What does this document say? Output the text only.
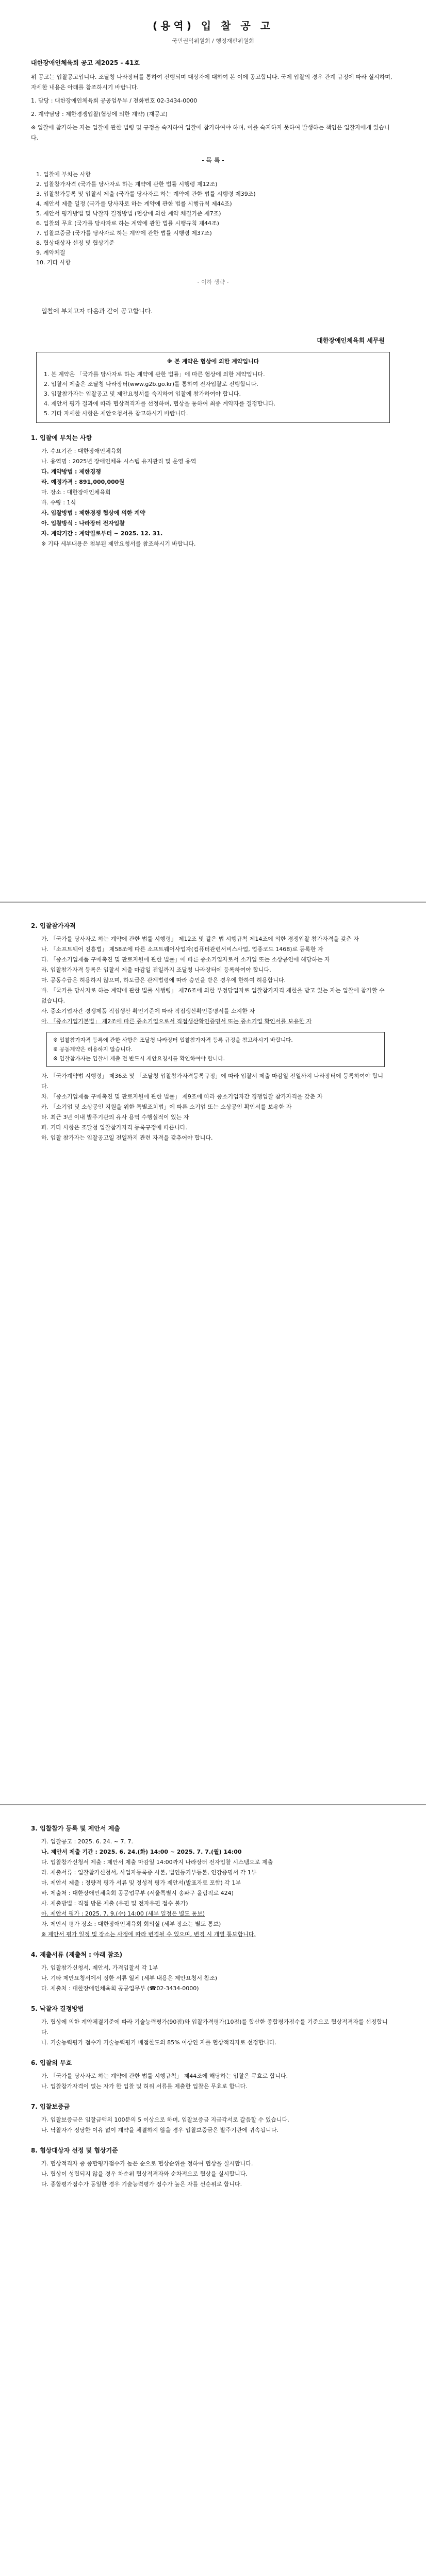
(용역) 입 찰 공 고
국민권익위원회 / 행정재판위원회
대한장애인체육회 공고 제2025 - 41호

위 공고는 입찰공고입니다. 조달청 나라장터를 통하여 진행되며 대상자에 대하여 본 이에 공고합니다. 국제 입찰의 경우 관계 규정에 따라 실시하며, 자세한 내용은 아래를 참조하시기 바랍니다.

1. 담당 : 대한장애인체육회 공공업무부 / 전화번호 02-3434-0000

2. 계약담당 : 제한경쟁입찰(협상에 의한 계약) (재공고)

※ 입찰에 참가하는 자는 입찰에 관한 법령 및 규정을 숙지하여 입찰에 참가하여야 하며, 이를 숙지하지 못하여 발생하는 책임은 입찰자에게 있습니다.

- 목 록 -
1. 입찰에 부치는 사항
2. 입찰참가자격 (국가를 당사자로 하는 계약에 관한 법률 시행령 제12조)
3. 입찰참가등록 및 입찰서 제출 (국가를 당사자로 하는 계약에 관한 법률 시행령 제39조)
4. 제안서 제출 일정 (국가를 당사자로 하는 계약에 관한 법률 시행규칙 제44조)
5. 제안서 평가방법 및 낙찰자 결정방법 (협상에 의한 계약 체결기준 제7조)
6. 입찰의 무효 (국가를 당사자로 하는 계약에 관한 법률 시행규칙 제44조)
7. 입찰보증금 (국가를 당사자로 하는 계약에 관한 법률 시행령 제37조)
8. 협상대상자 선정 및 협상기준
9. 계약체결
10. 기타 사항
- 이하 생략 -
입찰에 부치고자 다음과 같이 공고합니다.
대한장애인체육회 세무원
※ 본 계약은 협상에 의한 계약입니다
1. 본 계약은 「국가를 당사자로 하는 계약에 관한 법률」에 따른 협상에 의한 계약입니다.
2. 입찰서 제출은 조달청 나라장터(www.g2b.go.kr)를 통하여 전자입찰로 진행합니다.
3. 입찰참가자는 입찰공고 및 제안요청서를 숙지하여 입찰에 참가하여야 합니다.
4. 제안서 평가 결과에 따라 협상적격자를 선정하며, 협상을 통하여 최종 계약자를 결정합니다.
5. 기타 자세한 사항은 제안요청서를 참고하시기 바랍니다.
1. 입찰에 부치는 사항
가. 수요기관 : 대한장애인체육회
나. 용역명 : 2025년 장애인체육 시스템 유지관리 및 운영 용역
다. 계약방법 : 제한경쟁
라. 예정가격 : 891,000,000원
마. 장소 : 대한장애인체육회
바. 수량 : 1식
사. 입찰방법 : 제한경쟁 협상에 의한 계약
아. 입찰방식 : 나라장터 전자입찰
자. 계약기간 : 계약일로부터 ~ 2025. 12. 31.
※ 기타 세부내용은 첨부된 제안요청서를 참조하시기 바랍니다.
2. 입찰참가자격
가. 「국가를 당사자로 하는 계약에 관한 법률 시행령」 제12조 및 같은 법 시행규칙 제14조에 의한 경쟁입찰 참가자격을 갖춘 자
나. 「소프트웨어 진흥법」 제58조에 따른 소프트웨어사업자(컴퓨터관련서비스사업, 업종코드 1468)로 등록한 자
다. 「중소기업제품 구매촉진 및 판로지원에 관한 법률」에 따른 중소기업자로서 소기업 또는 소상공인에 해당하는 자
라. 입찰참가자격 등록은 입찰서 제출 마감일 전일까지 조달청 나라장터에 등록하여야 합니다.
마. 공동수급은 허용하지 않으며, 하도급은 관계법령에 따라 승인을 받은 경우에 한하여 허용합니다.
바. 「국가를 당사자로 하는 계약에 관한 법률 시행령」 제76조에 의한 부정당업자로 입찰참가자격 제한을 받고 있는 자는 입찰에 참가할 수 없습니다.
사. 중소기업자간 경쟁제품 직접생산 확인기준에 따라 직접생산확인증명서를 소지한 자
아. 「중소기업기본법」 제2조에 따른 중소기업으로서 직접생산확인증명서 또는 중소기업 확인서를 보유한 자
※ 입찰참가자격 등록에 관한 사항은 조달청 나라장터 입찰참가자격 등록 규정을 참고하시기 바랍니다.
※ 공동계약은 허용하지 않습니다.
※ 입찰참가자는 입찰서 제출 전 반드시 제안요청서를 확인하여야 합니다.
자. 「국가계약법 시행령」 제36조 및 「조달청 입찰참가자격등록규정」에 따라 입찰서 제출 마감일 전일까지 나라장터에 등록하여야 합니다.
차. 「중소기업제품 구매촉진 및 판로지원에 관한 법률」 제9조에 따라 중소기업자간 경쟁입찰 참가자격을 갖춘 자
카. 「소기업 및 소상공인 지원을 위한 특별조치법」에 따른 소기업 또는 소상공인 확인서를 보유한 자
타. 최근 3년 이내 발주기관의 유사 용역 수행실적이 있는 자
파. 기타 사항은 조달청 입찰참가자격 등록규정에 따릅니다.
하. 입찰 참가자는 입찰공고일 전일까지 관련 자격을 갖추어야 합니다.
3. 입찰참가 등록 및 제안서 제출
가. 입찰공고 : 2025. 6. 24. ~ 7. 7.
나. 제안서 제출 기간 : 2025. 6. 24.(화) 14:00 ~ 2025. 7. 7.(월) 14:00
다. 입찰참가신청서 제출 : 제안서 제출 마감일 14:00까지 나라장터 전자입찰 시스템으로 제출
라. 제출서류 : 입찰참가신청서, 사업자등록증 사본, 법인등기부등본, 인감증명서 각 1부
마. 제안서 제출 : 정량적 평가 서류 및 정성적 평가 제안서(발표자료 포함) 각 1부
바. 제출처 : 대한장애인체육회 공공업무부 (서울특별시 송파구 올림픽로 424)
사. 제출방법 : 직접 방문 제출 (우편 및 전자우편 접수 불가)
아. 제안서 평가 : 2025. 7. 9.(수) 14:00 (세부 일정은 별도 통보)
자. 제안서 평가 장소 : 대한장애인체육회 회의실 (세부 장소는 별도 통보)
※ 제안서 평가 일정 및 장소는 사정에 따라 변경될 수 있으며, 변경 시 개별 통보합니다.
4. 제출서류 (제출처 : 아래 참조)
가. 입찰참가신청서, 제안서, 가격입찰서 각 1부
나. 기타 제안요청서에서 정한 서류 일체 (세부 내용은 제안요청서 참조)
다. 제출처 : 대한장애인체육회 공공업무부 (☎02-3434-0000)
5. 낙찰자 결정방법
가. 협상에 의한 계약체결기준에 따라 기술능력평가(90점)와 입찰가격평가(10점)를 합산한 종합평가점수를 기준으로 협상적격자를 선정합니다.
나. 기술능력평가 점수가 기술능력평가 배점한도의 85% 이상인 자를 협상적격자로 선정합니다.
6. 입찰의 무효
가. 「국가를 당사자로 하는 계약에 관한 법률 시행규칙」 제44조에 해당하는 입찰은 무효로 합니다.
나. 입찰참가자격이 없는 자가 한 입찰 및 허위 서류를 제출한 입찰은 무효로 합니다.
7. 입찰보증금
가. 입찰보증금은 입찰금액의 100분의 5 이상으로 하며, 입찰보증금 지급각서로 갈음할 수 있습니다.
나. 낙찰자가 정당한 이유 없이 계약을 체결하지 않을 경우 입찰보증금은 발주기관에 귀속됩니다.
8. 협상대상자 선정 및 협상기준
가. 협상적격자 중 종합평가점수가 높은 순으로 협상순위를 정하여 협상을 실시합니다.
나. 협상이 성립되지 않을 경우 차순위 협상적격자와 순차적으로 협상을 실시합니다.
다. 종합평가점수가 동일한 경우 기술능력평가 점수가 높은 자를 선순위로 합니다.
